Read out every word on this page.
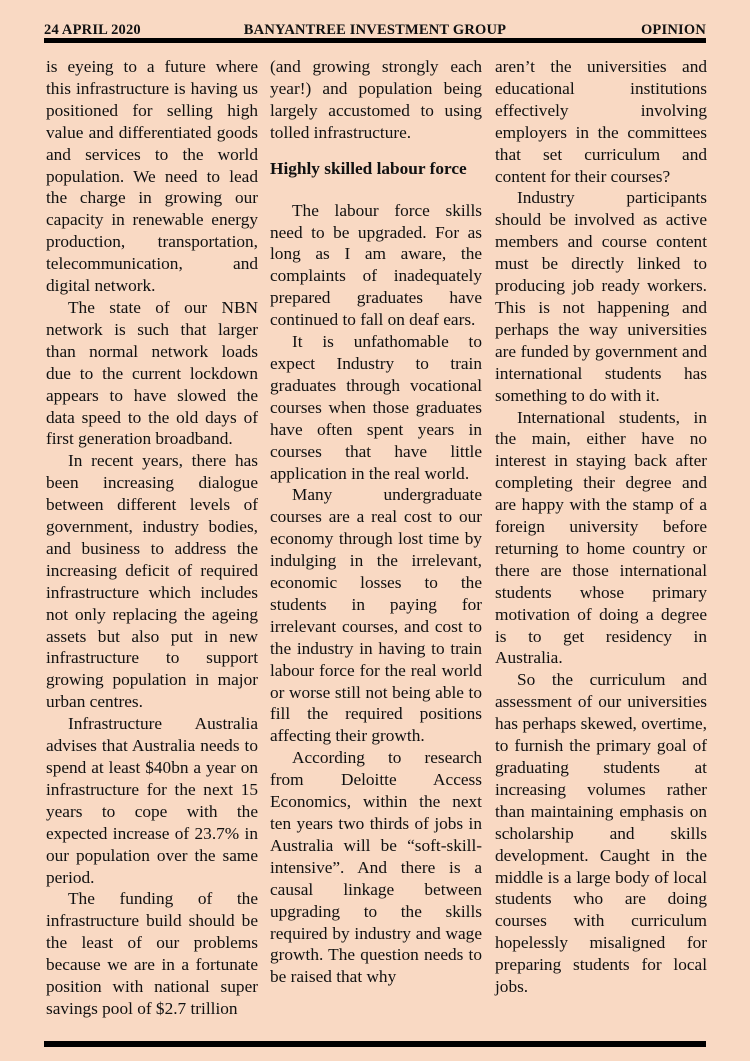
24 APRIL 2020	BANYANTREE INVESTMENT GROUP	OPINION

is eyeing to a future where this infrastructure is having us positioned for selling high value and differentiated goods and services to the world population. We need to lead the charge in growing our capacity in renewable energy production, transportation, telecommunication, and digital network.

The state of our NBN network is such that larger than normal network loads due to the current lockdown appears to have slowed the data speed to the old days of first generation broadband.

In recent years, there has been increasing dialogue between different levels of government, industry bodies, and business to address the increasing deficit of required infrastructure which includes not only replacing the ageing assets but also put in new infrastructure to support growing population in major urban centres.

Infrastructure Australia advises that Australia needs to spend at least $40bn a year on infrastructure for the next 15 years to cope with the expected increase of 23.7% in our population over the same period.

The funding of the infrastructure build should be the least of our problems because we are in a fortunate position with national super savings pool of $2.7 trillion

(and growing strongly each year!) and population being largely accustomed to using tolled infrastructure.

Highly skilled labour force

The labour force skills need to be upgraded. For as long as I am aware, the complaints of inadequately prepared graduates have continued to fall on deaf ears.

It is unfathomable to expect Industry to train graduates through vocational courses when those graduates have often spent years in courses that have little application in the real world.

Many undergraduate courses are a real cost to our economy through lost time by indulging in the irrelevant, economic losses to the students in paying for irrelevant courses, and cost to the industry in having to train labour force for the real world or worse still not being able to fill the required positions affecting their growth.

According to research from Deloitte Access Economics, within the next ten years two thirds of jobs in Australia will be “soft-skill-intensive”. And there is a causal linkage between upgrading to the skills required by industry and wage growth. The question needs to be raised that why

aren’t the universities and educational institutions effectively involving employers in the committees that set curriculum and content for their courses?

Industry participants should be involved as active members and course content must be directly linked to producing job ready workers. This is not happening and perhaps the way universities are funded by government and international students has something to do with it.

International students, in the main, either have no interest in staying back after completing their degree and are happy with the stamp of a foreign university before returning to home country or there are those international students whose primary motivation of doing a degree is to get residency in Australia.

So the curriculum and assessment of our universities has perhaps skewed, overtime, to furnish the primary goal of graduating students at increasing volumes rather than maintaining emphasis on scholarship and skills development. Caught in the middle is a large body of local students who are doing courses with curriculum hopelessly misaligned for preparing students for local jobs.
